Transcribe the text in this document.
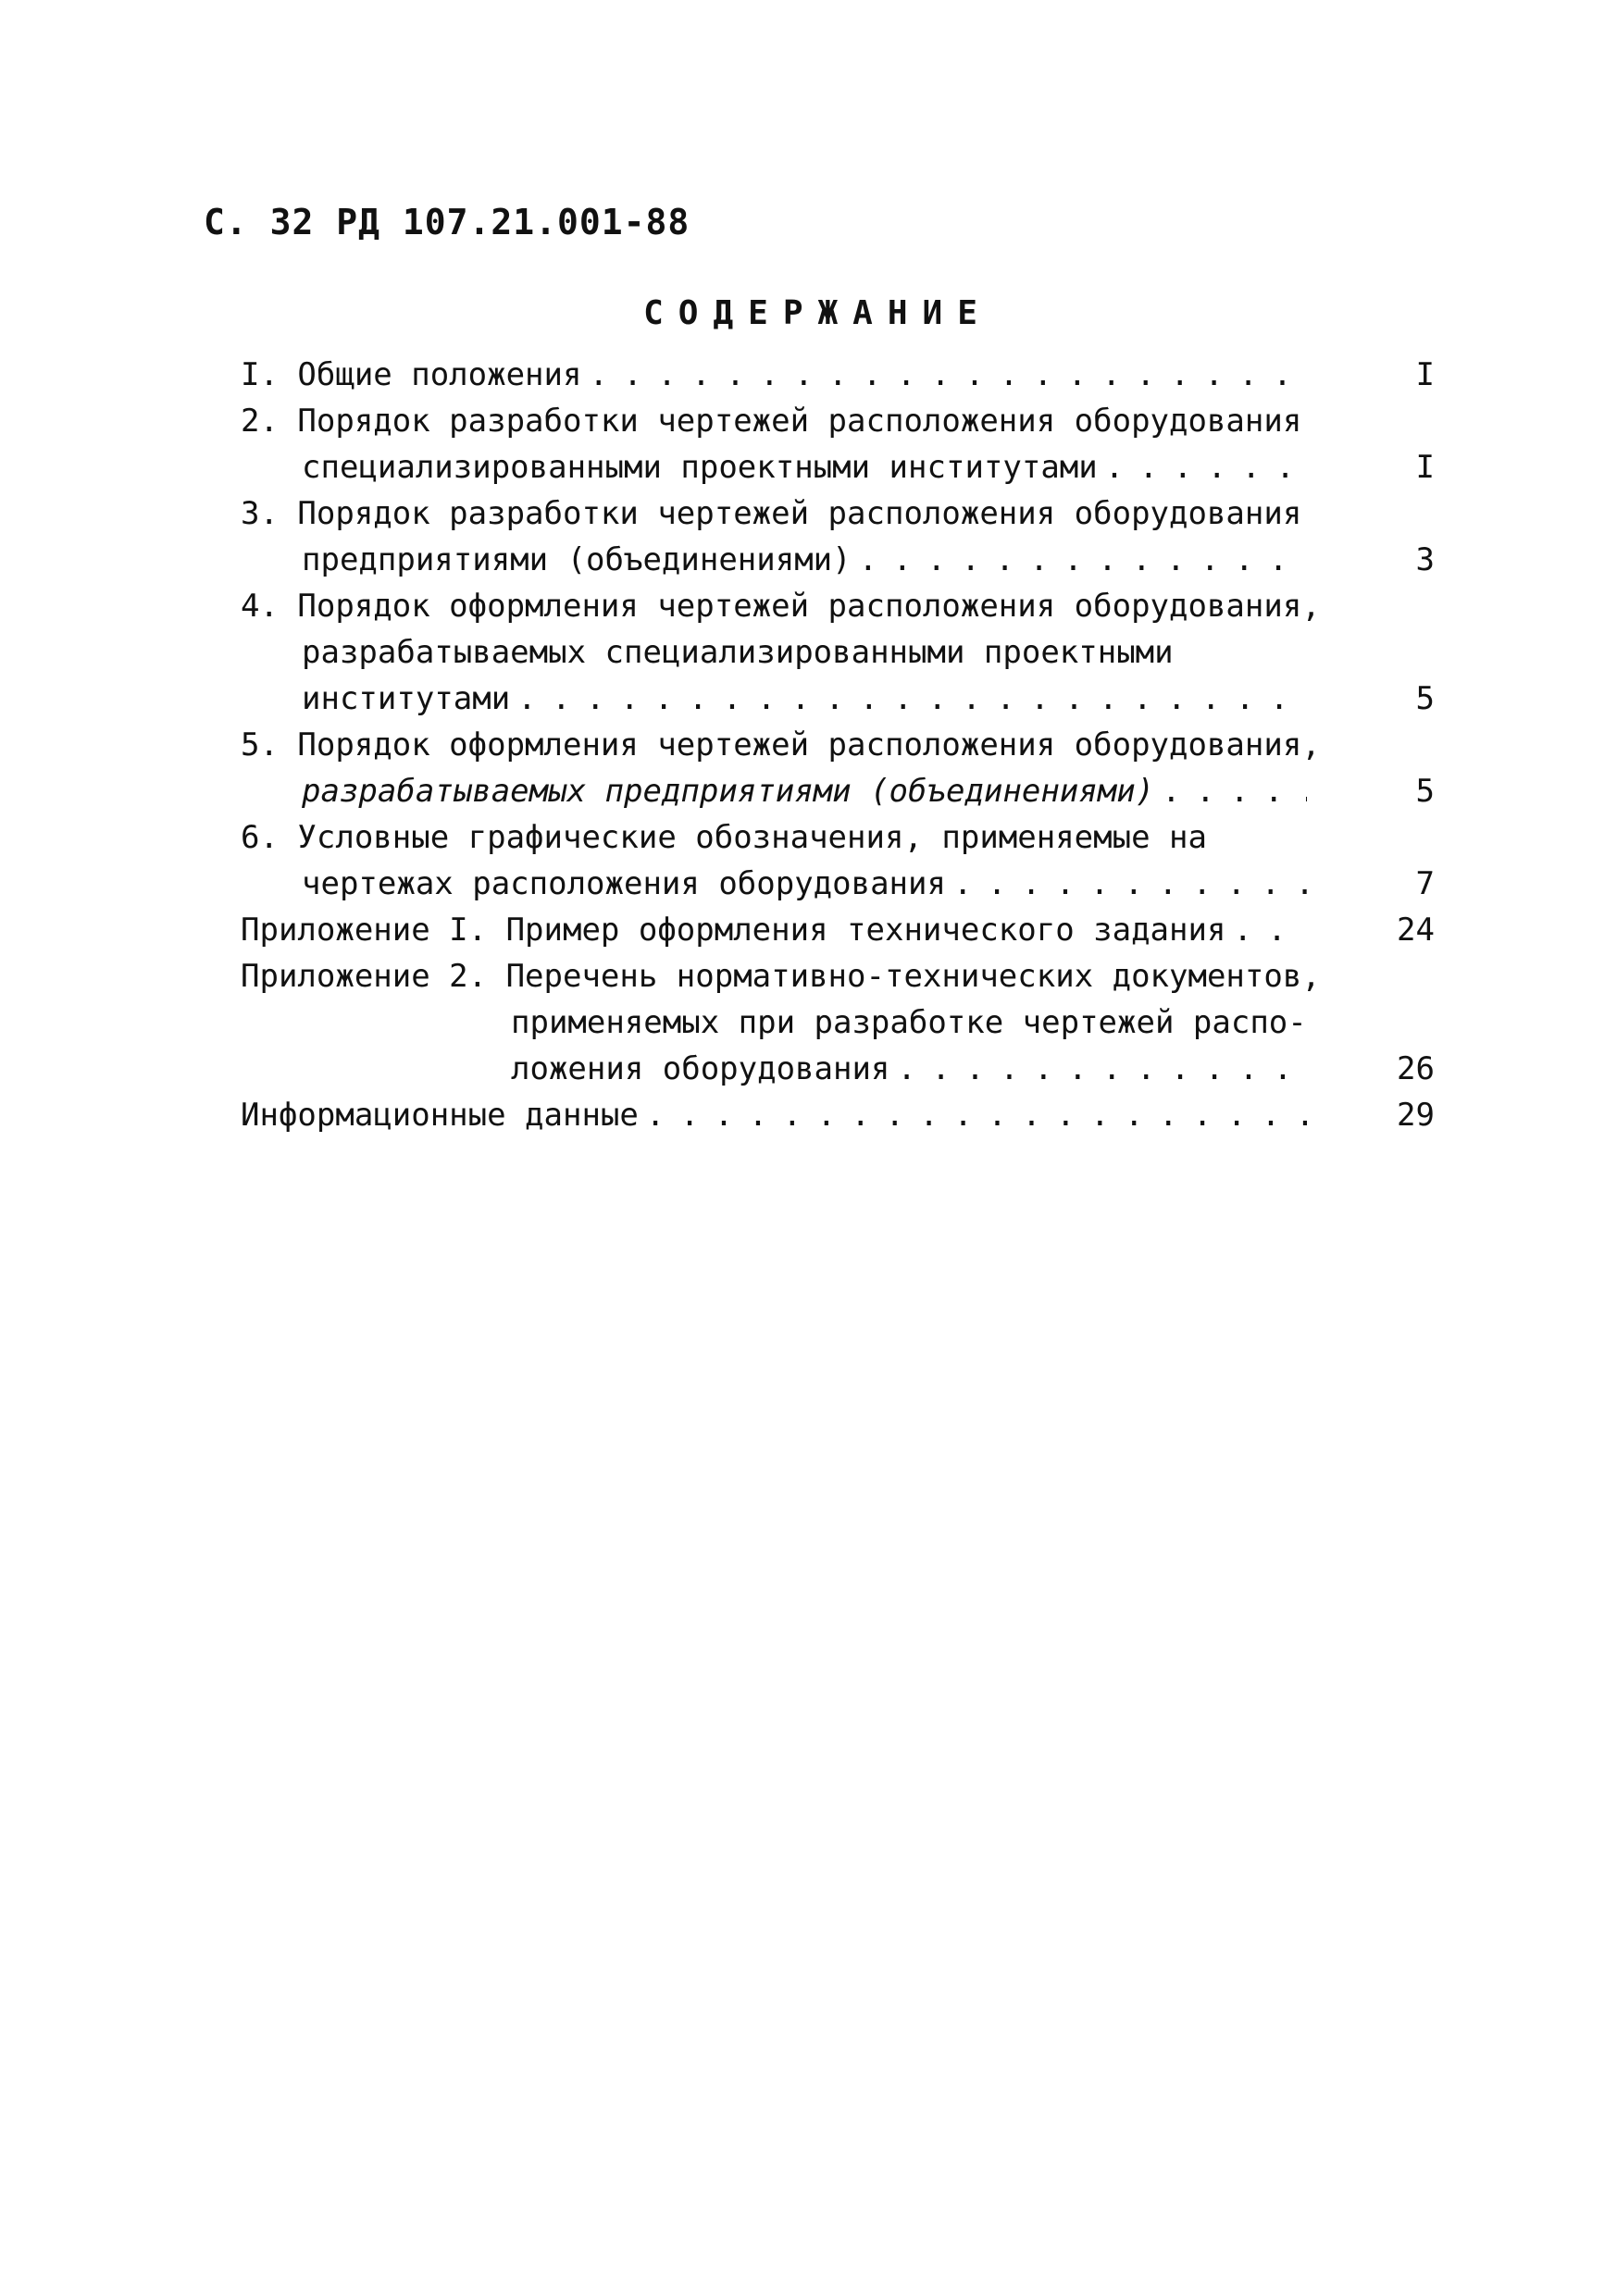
С. 32 РД 107.21.001-88
СОДЕРЖАНИЕ
I. Общие положения . . .	I
2. Порядок разработки чертежей расположения оборудования
специализированными проектными институтами . . .	I
3. Порядок разработки чертежей расположения оборудования
предприятиями (объединениями) . . .	3
4. Порядок оформления чертежей расположения оборудования,
разрабатываемых специализированными проектными
институтами . . .	5
5. Порядок оформления чертежей расположения оборудования,
разрабатываемых предприятиями (объединениями) . . .	5
6. Условные графические обозначения, применяемые на
чертежах расположения оборудования . . .	7
Приложение I. Пример оформления технического задания . . .	24
Приложение 2. Перечень нормативно-технических документов,
применяемых при разработке чертежей распо-
ложения оборудования . . .	26
Информационные данные . . .	29
